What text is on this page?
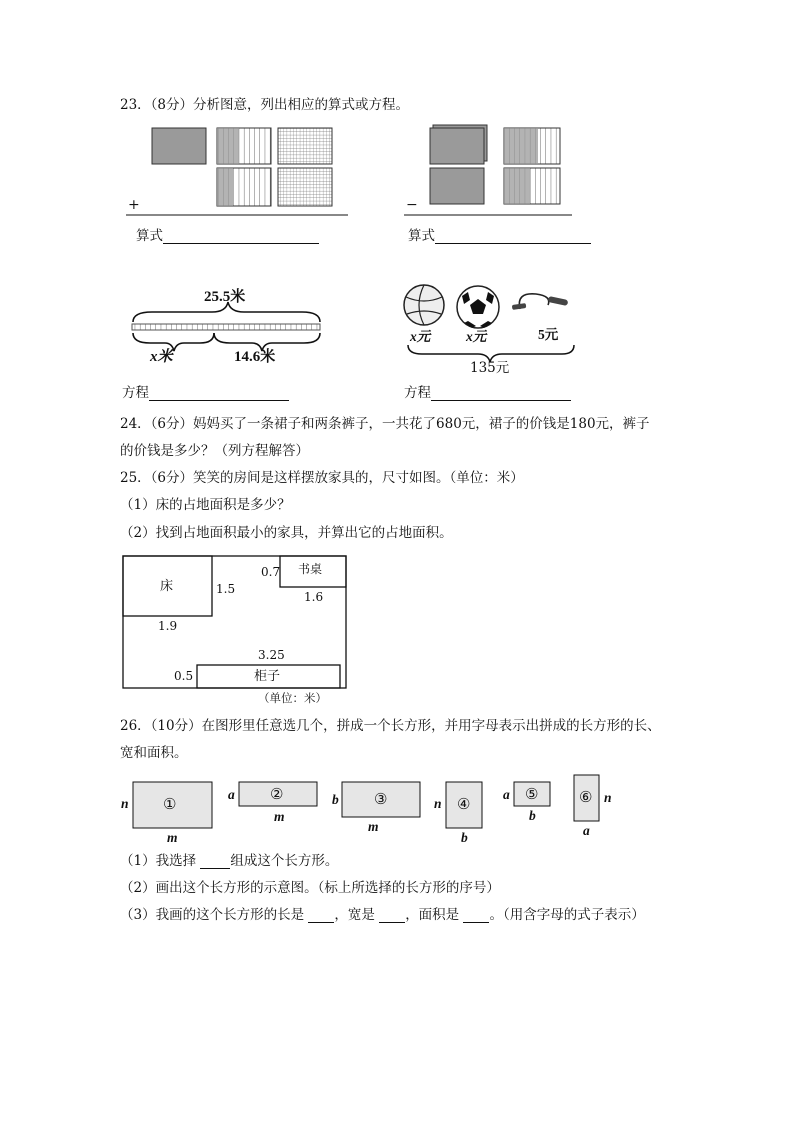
23．（8分）分析图意，列出相应的算式或方程。
+	−
算式	算式
25.5米
x米	14.6米
x元	x元	5元
135元
方程	方程
24．（6分）妈妈买了一条裙子和两条裤子，一共花了680元，裙子的价钱是180元，裤子
的价钱是多少？（列方程解答）
25．（6分）笑笑的房间是这样摆放家具的，尺寸如图。（单位：米）
（1）床的占地面积是多少？
（2）找到占地面积最小的家具，并算出它的占地面积。
床
1.9
1.5
书桌
0.7
1.6
3.25
0.5	柜子
（单位：米）
26．（10分）在图形里任意选几个，拼成一个长方形，并用字母表示出拼成的长方形的长、
宽和面积。
①
n
m
②
a
m
③
b
m
④
n
b
⑤
a
b
⑥ n
a
（1）我选择	组成这个长方形。
（2）画出这个长方形的示意图。（标上所选择的长方形的序号）
（3）我画的这个长方形的长是 ，宽是 ，面积是 。（用含字母的式子表示）
